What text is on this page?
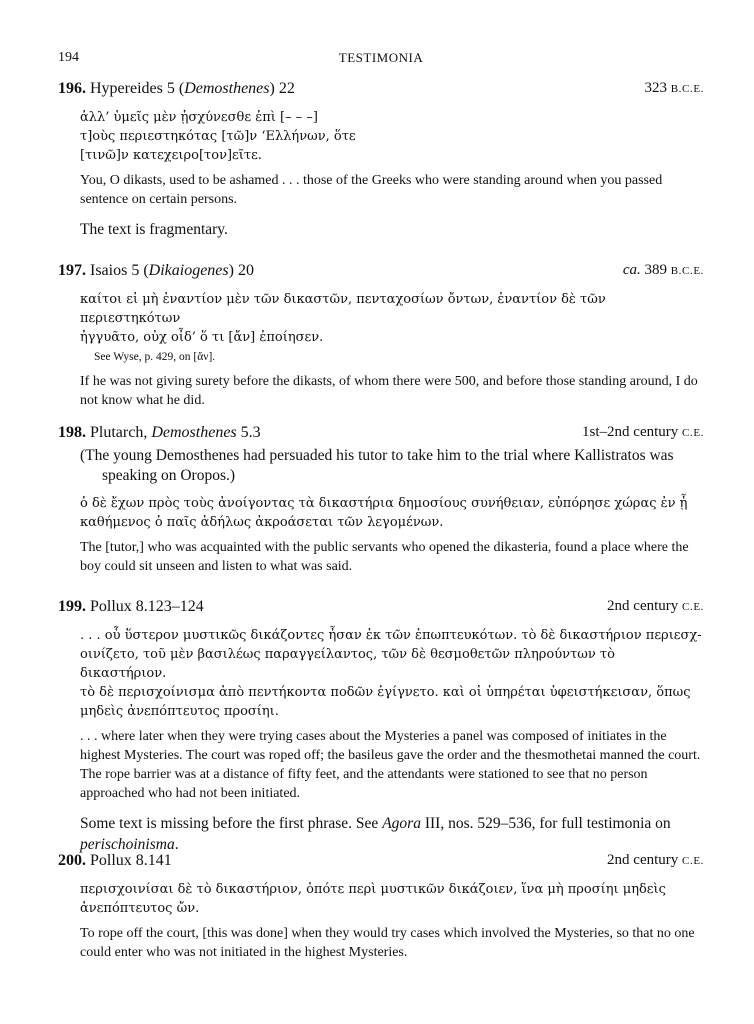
194	TESTIMONIA
196. Hypereides 5 (Demosthenes) 22	323 B.C.E.
ἀλλ’ ὑμεῖς μὲν ᾐσχύνεσθε ἐπὶ [– – –]
τ]οὺς περιεστηκότας [τῶ]ν ‘Ελλήνων, ὅτε
[τινῶ]ν κατεχειρο[τον]εῖτε.
You, O dikasts, used to be ashamed . . . those of the Greeks who were standing around when you passed sentence on certain persons.
The text is fragmentary.
197. Isaios 5 (Dikaiogenes) 20	ca. 389 B.C.E.
καίτοι εἰ μὴ ἐναντίον μὲν τῶν δικαστῶν, πενταχοσίων ὄντων, ἐναντίον δὲ τῶν περιεστηκότων
ἠγγυᾶτο, οὐχ οἶδ’ ὅ τι [ἄν] ἐποίησεν.
See Wyse, p. 429, on [ἄν].
If he was not giving surety before the dikasts, of whom there were 500, and before those standing around, I do not know what he did.
198. Plutarch, Demosthenes 5.3	1st–2nd century C.E.
(The young Demosthenes had persuaded his tutor to take him to the trial where Kallistratos was speaking on Oropos.)
ὁ δὲ ἔχων πρὸς τοὺς ἀνοίγοντας τὰ δικαστήρια δημοσίους συνήθειαν, εὐπόρησε χώρας ἐν ᾗ
καθήμενος ὁ παῖς ἀδήλως ἀκροάσεται τῶν λεγομένων.
The [tutor,] who was acquainted with the public servants who opened the dikasteria, found a place where the boy could sit unseen and listen to what was said.
199. Pollux 8.123–124	2nd century C.E.
. . . οὗ ὕστερον μυστικῶς δικάζοντες ἦσαν ἐκ τῶν ἐπωπτευκότων. τὸ δὲ δικαστήριον περιεσχ-
οινίζετο, τοῦ μὲν βασιλέως παραγγείλαντος, τῶν δὲ θεσμοθετῶν πληρούντων τὸ δικαστήριον.
τὸ δὲ περισχοίνισμα ἀπὸ πεντήκοντα ποδῶν ἐγίγνετο. καὶ οἱ ὑπηρέται ὑφειστήκεισαν, ὅπως
μηδεὶς ἀνεπόπτευτος προσίηι.
. . . where later when they were trying cases about the Mysteries a panel was composed of initiates in the highest Mysteries. The court was roped off; the basileus gave the order and the thesmothetai manned the court. The rope barrier was at a distance of fifty feet, and the attendants were stationed to see that no person approached who had not been initiated.
Some text is missing before the first phrase. See Agora III, nos. 529–536, for full testimonia on perischoinisma.
200. Pollux 8.141	2nd century C.E.
περισχοινίσαι δὲ τὸ δικαστήριον, ὁπότε περὶ μυστικῶν δικάζοιεν, ἵνα μὴ προσίηι μηδεὶς
ἀνεπόπτευτος ὤν.
To rope off the court, [this was done] when they would try cases which involved the Mysteries, so that no one could enter who was not initiated in the highest Mysteries.
